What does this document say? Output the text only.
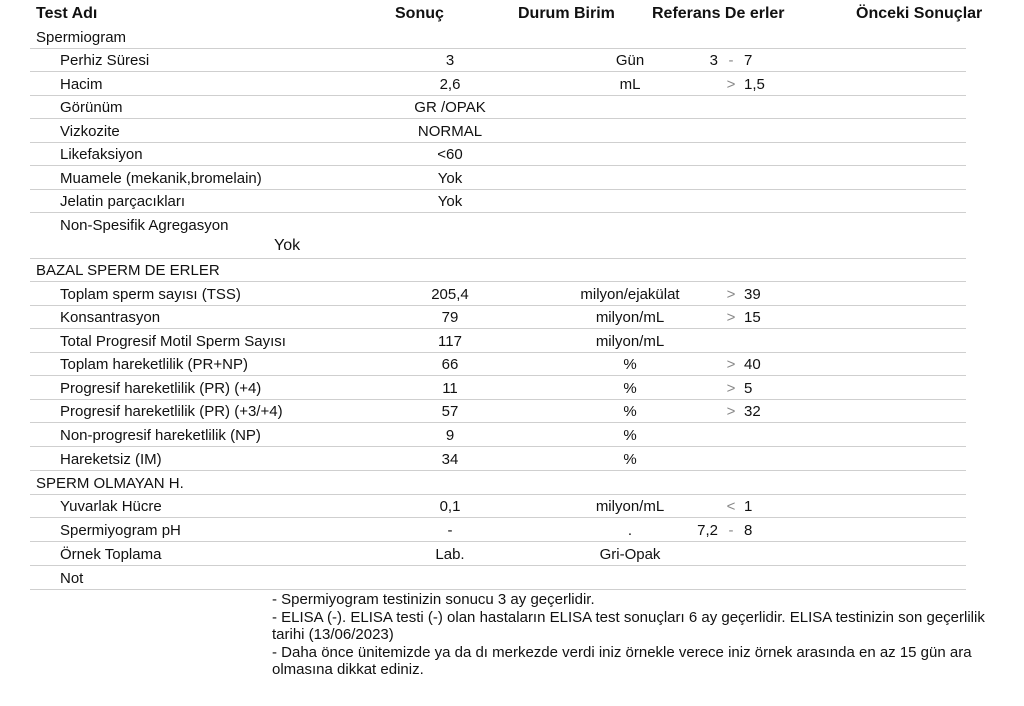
Test Adı	Sonuç	Durum Birim Referans De erler	Önceki Sonuçlar
Spermiogram
Perhiz Süresi	3	Gün	3 - 7
Hacim	2,6	mL	> 1,5
Görünüm	GR /OPAK
Vizkozite	NORMAL
Likefaksiyon	<60
Muamele (mekanik,bromelain)	Yok
Jelatin parçacıkları	Yok
Non-Spesifik Agregasyon
Yok
BAZAL SPERM DE ERLER
Toplam sperm sayısı (TSS)	205,4	milyon/ejakülat	> 39
Konsantrasyon	79	milyon/mL	> 15
Total Progresif Motil Sperm Sayısı	117	milyon/mL
Toplam hareketlilik (PR+NP)	66	%	> 40
Progresif hareketlilik (PR) (+4)	11	%	> 5
Progresif hareketlilik (PR) (+3/+4)	57	%	> 32
Non-progresif hareketlilik (NP)	9	%
Hareketsiz (IM)	34	%
SPERM OLMAYAN H.
Yuvarlak Hücre	0,1	milyon/mL	< 1
Spermiyogram pH	-	.	7,2 - 8
Örnek Toplama	Lab.	Gri-Opak
Not

- Spermiyogram testinizin sonucu 3 ay geçerlidir.

- ELISA (-). ELISA testi (-) olan hastaların ELISA test sonuçları 6 ay geçerlidir. ELISA testinizin son geçerlilik tarihi (13/06/2023)

- Daha önce ünitemizde ya da dı merkezde verdi iniz örnekle verece iniz örnek arasında en az 15 gün ara olmasına dikkat ediniz.
